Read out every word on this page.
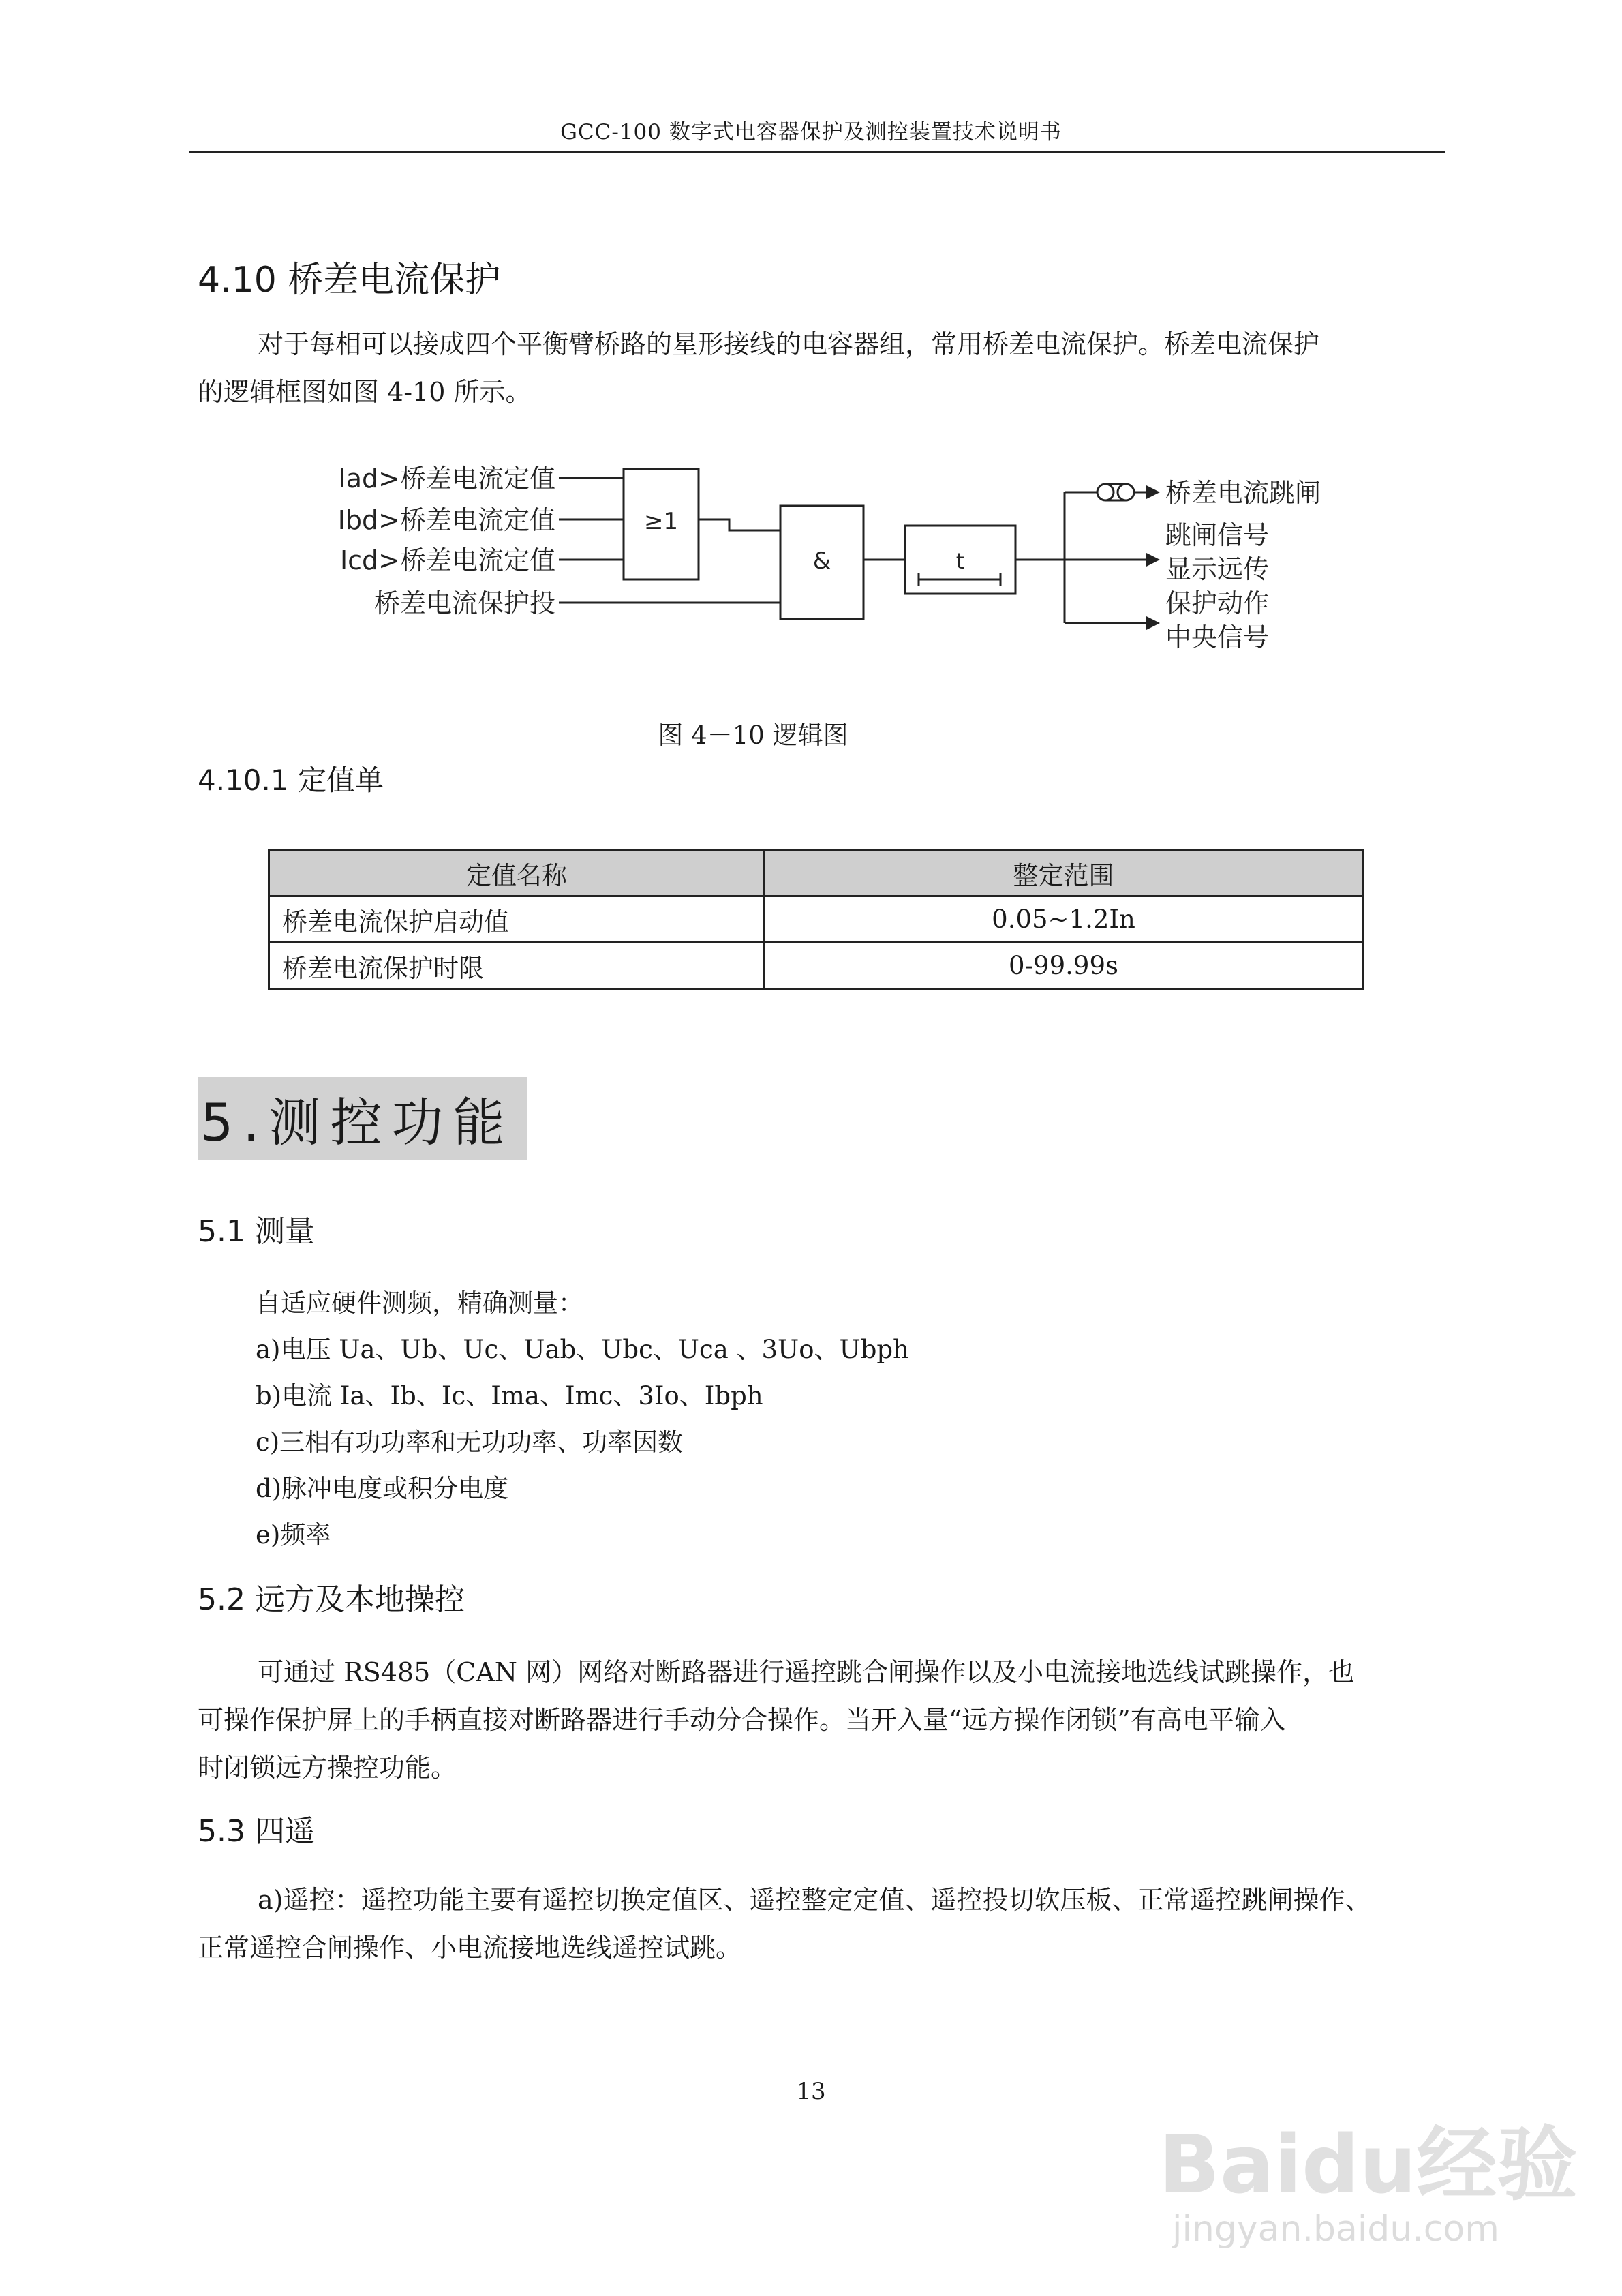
GCC-100 数字式电容器保护及测控装置技术说明书
4.10 桥差电流保护

对于每相可以接成四个平衡臂桥路的星形接线的电容器组，常用桥差电流保护。桥差电流保护

的逻辑框图如图 4-10 所示。

Iad>桥差电流定值
Ibd>桥差电流定值
Icd>桥差电流定值
桥差电流保护投
≥1
&	t
桥差电流跳闸
跳闸信号
显示远传
保护动作
中央信号
图 4－10 逻辑图
4.10.1 定值单
定值名称	整定范围
桥差电流保护启动值	0.05~1.2In
桥差电流保护时限	0-99.99s
5.测控功能
5.1 测量

自适应硬件测频，精确测量：

a)电压 Ua、Ub、Uc、Uab、Ubc、Uca 、3Uo、Ubph

b)电流 Ia、Ib、Ic、Ima、Imc、3Io、Ibph

c)三相有功功率和无功功率、功率因数

d)脉冲电度或积分电度

e)频率

5.2 远方及本地操控

可通过 RS485（CAN 网）网络对断路器进行遥控跳合闸操作以及小电流接地选线试跳操作，也

可操作保护屏上的手柄直接对断路器进行手动分合操作。当开入量“远方操作闭锁”有高电平输入

时闭锁远方操控功能。

5.3 四遥

a)遥控：遥控功能主要有遥控切换定值区、遥控整定定值、遥控投切软压板、正常遥控跳闸操作、

正常遥控合闸操作、小电流接地选线遥控试跳。

13
Baidu经验
jingyan.baidu.com
